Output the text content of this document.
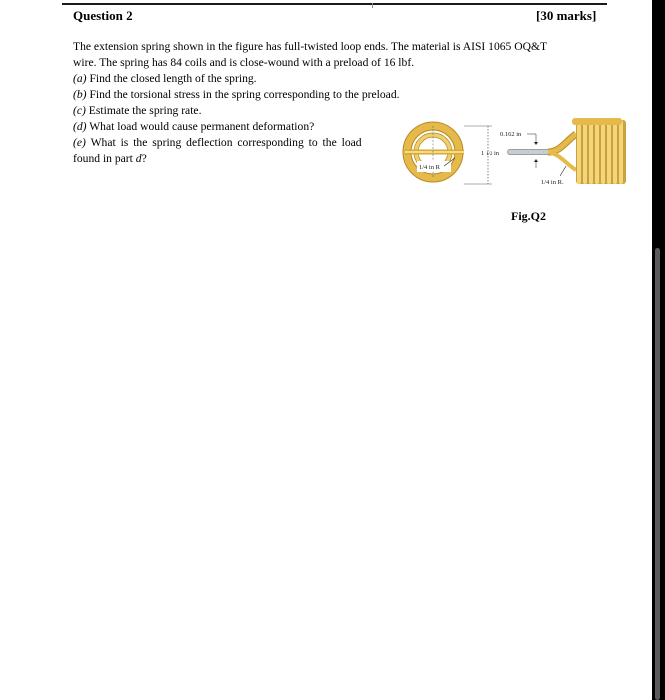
Question 2	[30 marks]
The extension spring shown in the figure has full-twisted loop ends. The material is AISI 1065 OQ&T
wire. The spring has 84 coils and is close-wound with a preload of 16 lbf.
(a) Find the closed length of the spring.
(b) Find the torsional stress in the spring corresponding to the preload.
(c) Estimate the spring rate.
(d) What load would cause permanent deformation?
(e) What is the spring deflection corresponding to the load
found in part d?
1/4 in R
1 1/2 in
0.162 in
1/4 in R.
Fig.Q2
